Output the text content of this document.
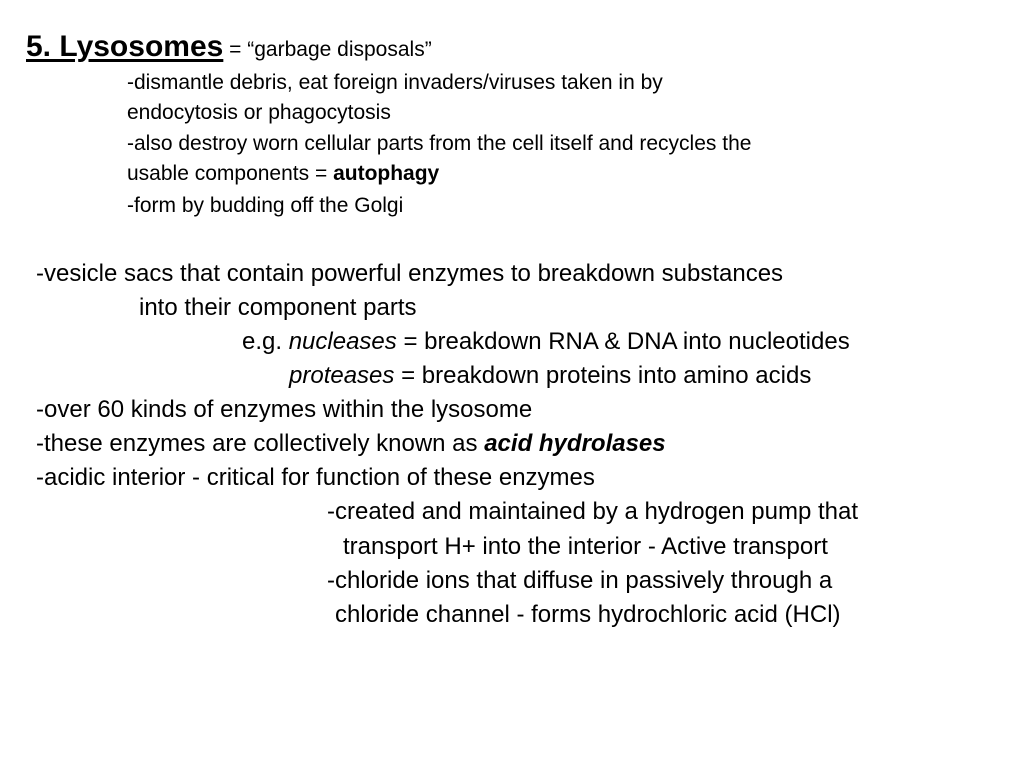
5. Lysosomes = “garbage disposals”
-dismantle debris, eat foreign invaders/viruses taken in by
endocytosis or phagocytosis
-also destroy worn cellular parts from the cell itself and recycles the
usable components = autophagy
-form by budding off the Golgi
-vesicle sacs that contain powerful enzymes to breakdown substances
into their component parts
e.g. nucleases = breakdown RNA & DNA into nucleotides
proteases = breakdown proteins into amino acids
-over 60 kinds of enzymes within the lysosome
-these enzymes are collectively known as acid hydrolases
-acidic interior - critical for function of these enzymes
-created and maintained by a hydrogen pump that
transport H+ into the interior - Active transport
-chloride ions that diffuse in passively through a
chloride channel - forms hydrochloric acid (HCl)
